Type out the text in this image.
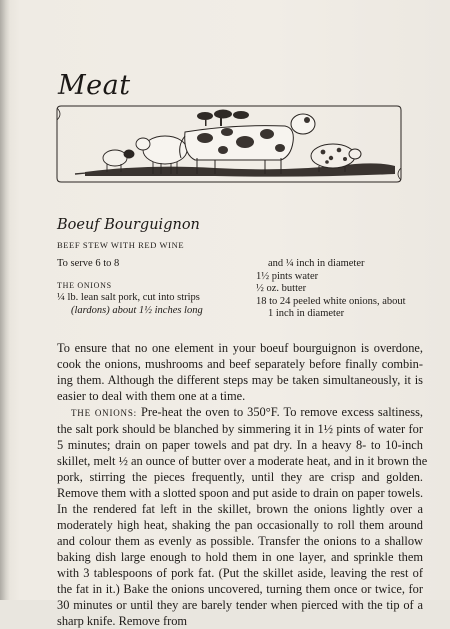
Meat
Boeuf Bourguignon
BEEF STEW WITH RED WINE
To serve 6 to 8
THE ONIONS
¼ lb. lean salt pork, cut into strips
(lardons) about 1½ inches long
and ¼ inch in diameter
1½ pints water
½ oz. butter
18 to 24 peeled white onions, about
1 inch in diameter
To ensure that no one element in your boeuf bourguignon is overdone,
cook the onions, mushrooms and beef separately before finally combin-
ing them. Although the different steps may be taken simultaneously, it is
easier to deal with them one at a time.
THE ONIONS: Pre-heat the oven to 350°F. To remove excess saltiness,
the salt pork should be blanched by simmering it in 1½ pints of water for
5 minutes; drain on paper towels and pat dry. In a heavy 8- to 10-inch
skillet, melt ½ an ounce of butter over a moderate heat, and in it brown the
pork, stirring the pieces frequently, until they are crisp and golden.
Remove them with a slotted spoon and put aside to drain on paper towels.
In the rendered fat left in the skillet, brown the onions lightly over a
moderately high heat, shaking the pan occasionally to roll them around
and colour them as evenly as possible. Transfer the onions to a shallow
baking dish large enough to hold them in one layer, and sprinkle them
with 3 tablespoons of pork fat. (Put the skillet aside, leaving the rest of
the fat in it.) Bake the onions uncovered, turning them once or twice, for
30 minutes or until they are barely tender when pierced with the tip of a
sharp knife. Remove from
